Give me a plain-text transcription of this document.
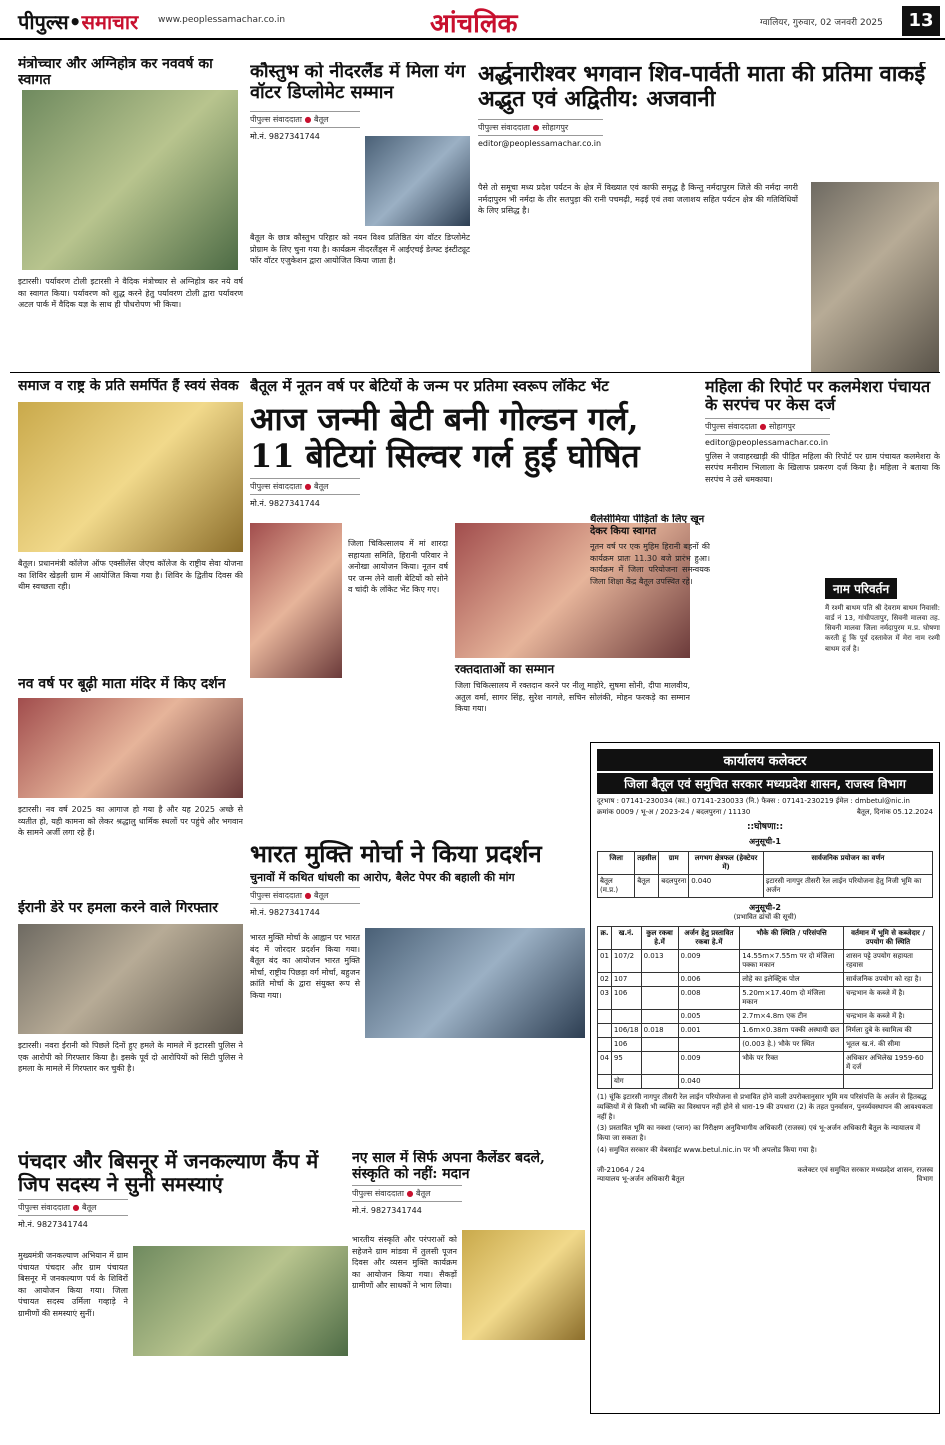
पीपुल्स•समाचार www.peoplessamachar.co.in	आंचलिक	ग्वालियर, गुरुवार, 02 जनवरी 2025	13
मंत्रोच्चार और अग्निहोत्र कर नववर्ष का स्वागत
इटारसी। पर्यावरण टोली इटारसी ने वैदिक मंत्रोच्चार से अग्निहोत्र कर नये वर्ष का स्वागत किया। पर्यावरण को शुद्ध करने हेतु पर्यावरण टोली द्वारा पर्यावरण अटल पार्क में वैदिक यज्ञ के साथ ही पौधरोपण भी किया।
कौस्तुभ को नीदरलैंड में मिला यंग वॉटर डिप्लोमेट सम्मान
पीपुल्स संवाददाता ● बैतूल
मो.नं. 9827341744
बैतूल के छात्र कौस्तुभ परिहार को नयन विश्व प्रतिष्ठित यंग वॉटर डिप्लोमेट प्रोग्राम के लिए चुना गया है। कार्यक्रम नीदरलैंड्स में आईएचई डेल्फ्ट इंस्टीट्यूट फॉर वॉटर एजुकेशन द्वारा आयोजित किया जाता है।
अर्द्धनारीश्वर भगवान शिव-पार्वती माता की प्रतिमा वाकई अद्भुत एवं अद्वितीय: अजवानी
पीपुल्स संवाददाता ● सोहागपुर
editor@peoplessamachar.co.in
पैसे तो समूचा मध्य प्रदेश पर्यटन के क्षेत्र में विख्यात एवं काफी समृद्ध है किन्तु नर्मदापुरम जिले की नर्मदा नगरी नर्मदापुरम भी नर्मदा के तीर सतपुड़ा की रानी पचमढ़ी, मढ़ई एवं तवा जलाशय सहित पर्यटन क्षेत्र की गतिविधियों के लिए प्रसिद्ध है।
समाज व राष्ट्र के प्रति समर्पित हैं स्वयं सेवक
बैतूल। प्रधानमंत्री कॉलेज ऑफ एक्सीलेंस जेएच कॉलेज के राष्ट्रीय सेवा योजना का शिविर खेड़ली ग्राम में आयोजित किया गया है। शिविर के द्वितीय दिवस की थीम स्वच्छता रही।
बैतूल में नूतन वर्ष पर बेटियों के जन्म पर प्रतिमा स्वरूप लॉकेट भेंट
आज जन्मी बेटी बनी गोल्डन गर्ल, 11 बेटियां सिल्वर गर्ल हुईं घोषित
पीपुल्स संवाददाता ● बैतूल
मो.नं. 9827341744
जिला चिकित्सालय में मां शारदा सहायता समिति, हिरानी परिवार ने अनोखा आयोजन किया। नूतन वर्ष पर जन्म लेने वाली बेटियों को सोने व चांदी के लॉकेट भेंट किए गए।
रक्तदाताओं का सम्मान
जिला चिकित्सालय में रक्तदान करने पर नीलू माहोरे, सुषमा सोनी, दीपा मालवीय, अतुल वर्मा, सागर सिंह, सुरेश नागले, सचिन सोलंकी, मोहन फरकड़े का सम्मान किया गया।
थैलेसीमिया पीड़ितों के लिए खून देकर किया स्वागत
नूतन वर्ष पर एक मुहिम हिरानी बहनों की कार्यक्रम प्रातः 11.30 बजे प्रारंभ हुआ। कार्यक्रम में जिला परियोजना समन्वयक जिला शिक्षा केंद्र बैतूल उपस्थित रहे।
महिला की रिपोर्ट पर कलमेशरा पंचायत के सरपंच पर केस दर्ज
पीपुल्स संवाददाता ● सोहागपुर
editor@peoplessamachar.co.in
पुलिस ने जवाहरखाड़ी की पीड़ित महिला की रिपोर्ट पर ग्राम पंचायत कलमेशरा के सरपंच मनीराम भिलाला के खिलाफ प्रकरण दर्ज किया है। महिला ने बताया कि सरपंच ने उसे धमकाया।
नाम परिवर्तन
मैं रश्मी बाथम पति श्री देवराम बाथम निवासी: वार्ड नं 13, गांधीपतापुर, सिवनी मालवा तह. सिवनी मालवा जिला नर्मदापुरम म.प्र. घोषणा करती हूं कि पूर्व दस्तावेज में मेरा नाम रश्मी बाथम दर्ज है।
नव वर्ष पर बूढ़ी माता मंदिर में किए दर्शन
इटारसी। नव वर्ष 2025 का आगाज हो गया है और यह 2025 अच्छे से व्यतीत हो, यही कामना को लेकर श्रद्धालु धार्मिक स्थलों पर पहुंचे और भगवान के सामने अर्जी लगा रहे हैं।
ईरानी डेरे पर हमला करने वाले गिरफ्तार
इटारसी। नवरा ईरानी को पिछले दिनों हुए हमले के मामले में इटारसी पुलिस ने एक आरोपी को गिरफ्तार किया है। इसके पूर्व दो आरोपियों को सिटी पुलिस ने हमला के मामले में गिरफ्तार कर चुकी है।
भारत मुक्ति मोर्चा ने किया प्रदर्शन
चुनावों में कथित धांधली का आरोप, बैलेट पेपर की बहाली की मांग
पीपुल्स संवाददाता ● बैतूल
मो.नं. 9827341744
भारत मुक्ति मोर्चा के आह्वान पर भारत बंद में जोरदार प्रदर्शन किया गया। बैतूल बंद का आयोजन भारत मुक्ति मोर्चा, राष्ट्रीय पिछड़ा वर्ग मोर्चा, बहुजन क्रांति मोर्चा के द्वारा संयुक्त रूप से किया गया।
पंचदार और बिसनूर में जनकल्याण कैंप में जिप सदस्य ने सुनी समस्याएं
पीपुल्स संवाददाता ● बैतूल
मो.नं. 9827341744
मुख्यमंत्री जनकल्याण अभियान में ग्राम पंचायत पंचदार और ग्राम पंचायत बिसनूर में जनकल्याण पर्व के शिविरों का आयोजन किया गया। जिला पंचायत सदस्य उर्मिला गव्हाड़े ने ग्रामीणों की समस्याएं सुनीं।
नए साल में सिर्फ अपना कैलेंडर बदले, संस्कृति को नहीं: मदान
पीपुल्स संवाददाता ● बैतूल
मो.नं. 9827341744
भारतीय संस्कृति और परंपराओं को सहेजने ग्राम मांडवा में तुलसी पूजन दिवस और व्यसन मुक्ति कार्यक्रम का आयोजन किया गया। सैकड़ों ग्रामीणों और साधकों ने भाग लिया।
कार्यालय कलेक्टर
जिला बैतूल एवं समुचित सरकार मध्यप्रदेश शासन, राजस्व विभाग
दूरभाष : 07141-230034 (का.) 07141-230033 (नि.) फैक्स : 07141-230219 ईमेल : dmbetul@nic.in
क्रमांक 0009 / भू-अ / 2023-24 / बदलपुरना / 11130	बैतूल, दिनांक 05.12.2024
::घोषणा::
अनुसूची-1
जिला	तहसील	ग्राम	लगभग क्षेत्रफल (हेक्टेयर में)	सार्वजनिक प्रयोजन का वर्णन
बैतूल (म.प्र.)	बैतूल	बदलपुरना	0.040	इटारसी नागपुर तीसरी रेल लाईन परियोजना हेतु निजी भूमि का अर्जन
अनुसूची-2
(प्रभावित ढांचों की सूची)
क्र.	ख.नं.	कुल रकबा हे.में	अर्जन हेतु प्रस्तावित रकबा हे.में	भौके की स्थिति / परिसंपत्ति	वर्तमान में भूमि से कब्जेदार / उपयोग की स्थिति
01	107/2	0.013	0.009	14.55m×7.55m पर दो मंजिला पक्का मकान	शासन पट्टे उपयोग सहायता रहवास
02	107		0.006	लोहे का इलेक्ट्रिक पोल	सार्वजनिक उपयोग को रहा है।
03	106		0.008	5.20m×17.40m दो मंजिला मकान	चन्द्रभान के कब्जे में है।
			0.005	2.7m×4.8m एक टीन	चन्द्रभान के कब्जे में है।
	106/18	0.018	0.001	1.6m×0.38m पक्की अस्थायी छत	निर्मला दुबे के स्वामित्व की
	106			(0.003 हे.) भौके पर स्थित	भूतल ख.नं. की सीमा
04	95		0.009	भौके पर रिक्त	अधिकार अभिलेख 1959-60 में दर्ज
	योग		0.040		
(1) चूंकि इटारसी नागपुर तीसरी रेल लाईन परियोजना से प्रभावित होने वाली उपरोक्तानुसार भूमि मय परिसंपत्ति के अर्जन से हितबद्ध व्यक्तियों में से किसी भी व्यक्ति का विस्थापन नहीं होने से धारा-19 की उपधारा (2) के तहत पुनर्वासन, पुनर्व्यवस्थापन की आवश्यकता नहीं है।
(3) प्रस्तावित भूमि का नक्शा (प्लान) का निरीक्षण अनुविभागीय अधिकारी (राजस्व) एवं भू-अर्जन अधिकारी बैतूल के न्यायालय में किया जा सकता है।
(4) समुचित सरकार की वेबसाईट www.betul.nic.in पर भी अपलोड किया गया है।
जी-21064 / 24
न्यायालय भू-अर्जन अधिकारी बैतूल
कलेक्टर एवं समुचित सरकार मध्यप्रदेश शासन, राजस्व विभाग
